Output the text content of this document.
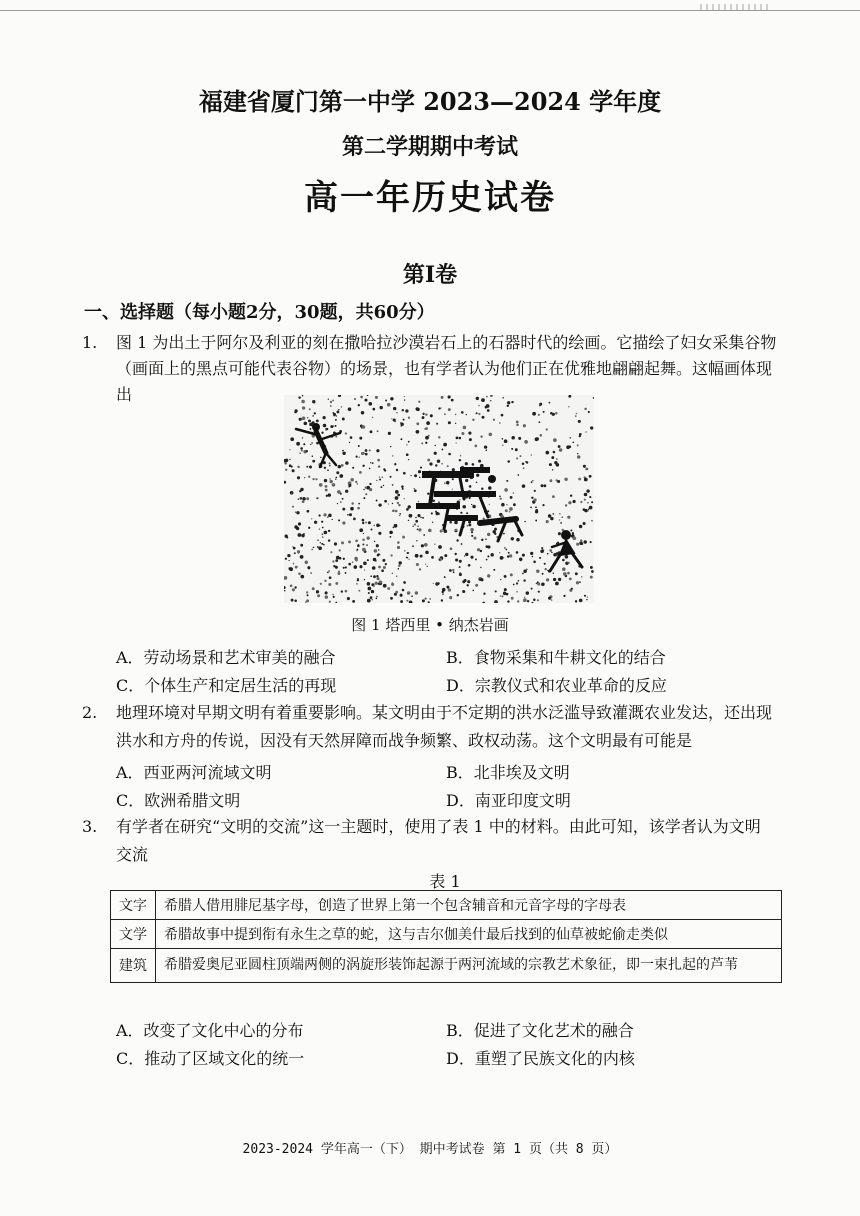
福建省厦门第一中学 2023—2024 学年度
第二学期期中考试
高一年历史试卷
第Ⅰ卷
一、选择题（每小题2分，30题，共60分）
1. 图 1 为出土于阿尔及利亚的刻在撒哈拉沙漠岩石上的石器时代的绘画。它描绘了妇女采集谷物
（画面上的黑点可能代表谷物）的场景，也有学者认为他们正在优雅地翩翩起舞。这幅画体现
出
图 1 塔西里 • 纳杰岩画
A．劳动场景和艺术审美的融合	B．食物采集和牛耕文化的结合
C．个体生产和定居生活的再现	D．宗教仪式和农业革命的反应
2. 地理环境对早期文明有着重要影响。某文明由于不定期的洪水泛滥导致灌溉农业发达，还出现
洪水和方舟的传说，因没有天然屏障而战争频繁、政权动荡。这个文明最有可能是
A．西亚两河流域文明	B．北非埃及文明
C．欧洲希腊文明	D．南亚印度文明
3. 有学者在研究“文明的交流”这一主题时，使用了表 1 中的材料。由此可知，该学者认为文明
交流
表 1
文字	希腊人借用腓尼基字母，创造了世界上第一个包含辅音和元音字母的字母表
文学	希腊故事中提到衔有永生之草的蛇，这与吉尔伽美什最后找到的仙草被蛇偷走类似
建筑	希腊爱奥尼亚圆柱顶端两侧的涡旋形装饰起源于两河流域的宗教艺术象征，即一束扎起的芦苇
A．改变了文化中心的分布	B．促进了文化艺术的融合
C．推动了区域文化的统一	D．重塑了民族文化的内核
2023-2024 学年高一（下） 期中考试卷 第 1 页（共 8 页）
